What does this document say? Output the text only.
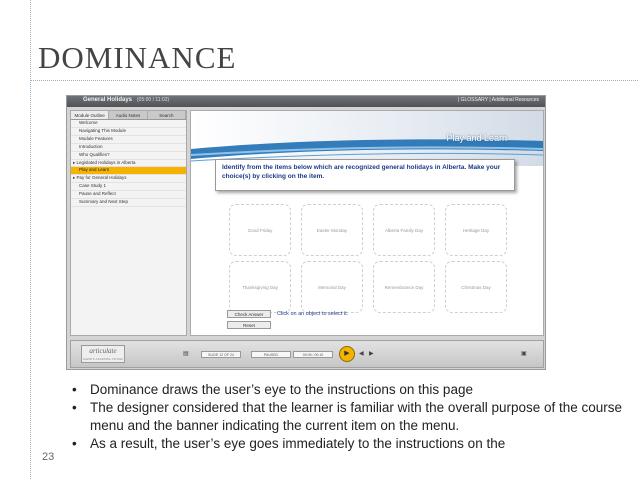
DOMINANCE
General Holidays (05:00 / 11:02)	| GLOSSARY | Additional Resources
Module Outline	Audio Notes	Search
Welcome
Navigating This Module
Module Features
Introduction
Who Qualifies?
▸ Legislated Holidays in Alberta
Play and Learn
▸ Pay for General Holidays
Case Study 1
Pause and Reflect
Summary and Next Step
Play and Learn
Identify from the items below which are recognized general holidays in Alberta. Make your choice(s) by clicking on the item.
Good Friday	Easter Monday	Alberta Family Day	Heritage Day
Thanksgiving Day	Memorial Day	Remembrance Day	Christmas Day
Check Answer
Reset
Click on an object to select it.
articulate
RAPID E-LEARNING STUDIO
▤	SLIDE 12 OF 24	PAUSED	00:05 / 00:10	▶	◀ ▶	▣
• Dominance draws the user’s eye to the instructions on this page
• The designer considered that the learner is familiar with the overall purpose of the course menu and the banner indicating the current item on the menu.
• As a result, the user’s eye goes immediately to the instructions on the
23
